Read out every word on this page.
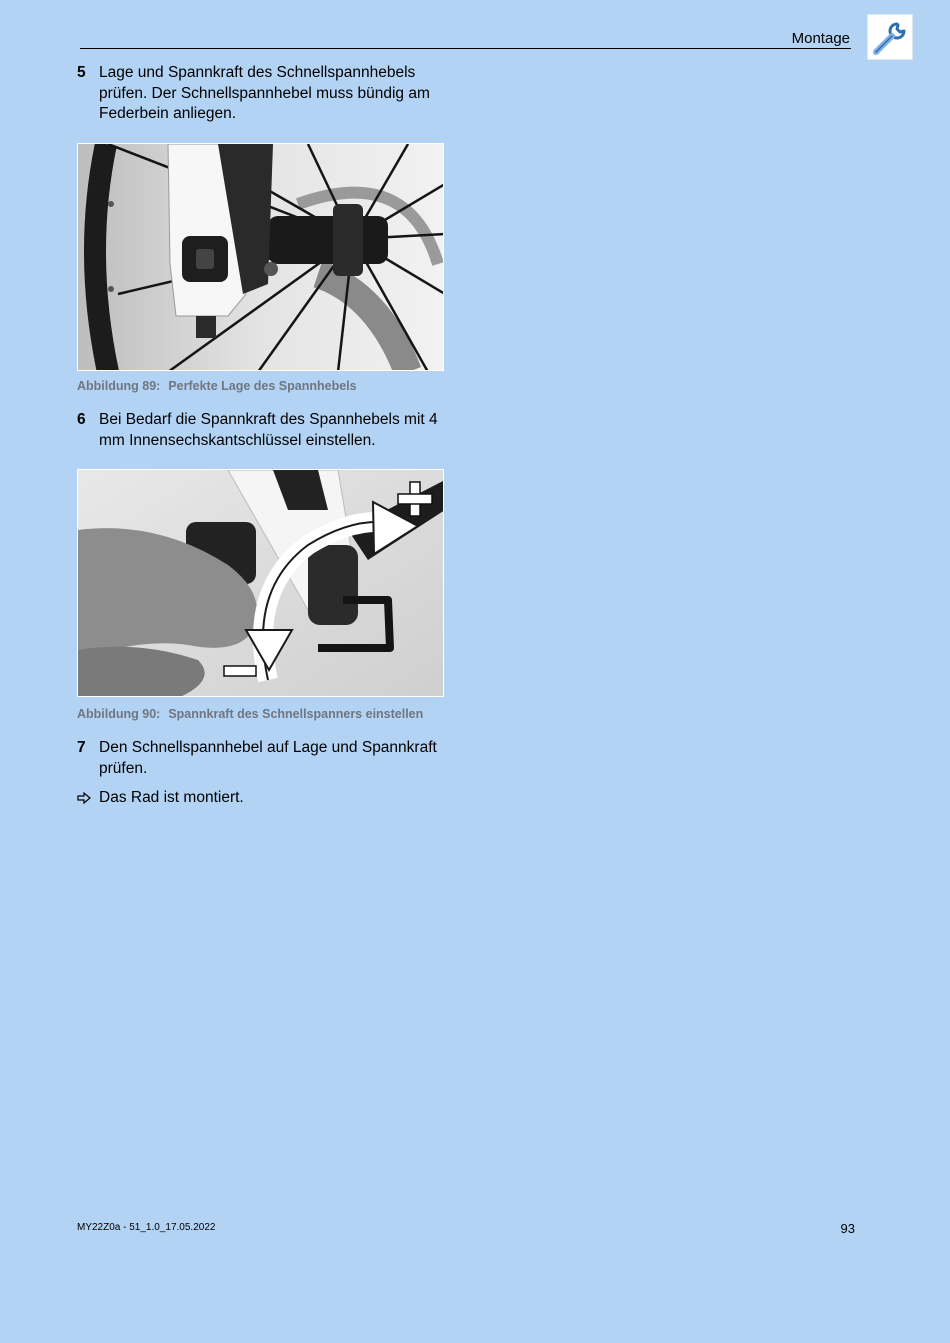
Montage
5 Lage und Spannkraft des Schnellspannhebels prüfen. Der Schnellspannhebel muss bündig am Federbein anliegen.
Abbildung 89: Perfekte Lage des Spannhebels
6 Bei Bedarf die Spannkraft des Spannhebels mit 4 mm Innensechskantschlüssel einstellen.
Abbildung 90: Spannkraft des Schnellspanners einstellen
7 Den Schnellspannhebel auf Lage und Spannkraft prüfen.
Das Rad ist montiert.
MY22Z0a - 51_1.0_17.05.2022	93
